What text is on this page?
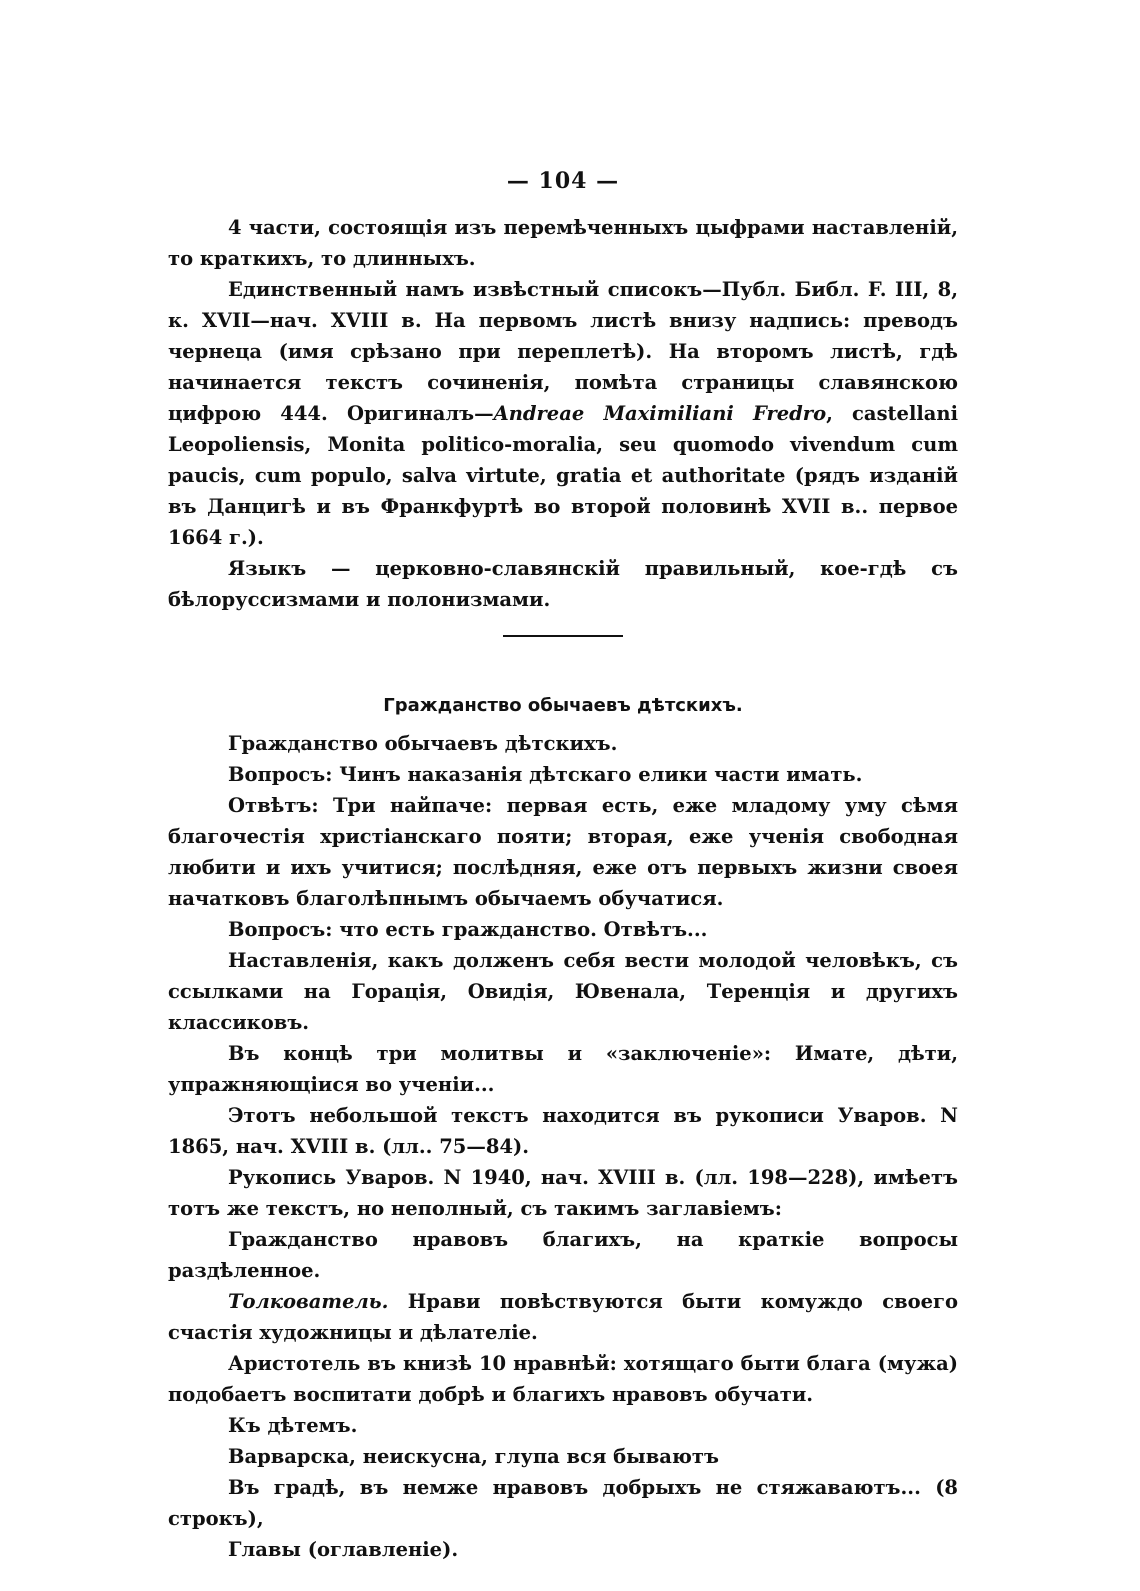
— 104 —

4 части, состоящія изъ перемѣченныхъ цыфрами наставленій, то краткихъ, то длинныхъ.

Единственный намъ извѣстный списокъ—Публ. Библ. F. III, 8, к. XVII—нач. XVIII в. На первомъ листѣ внизу надпись: преводъ чернеца (имя срѣзано при переплетѣ). На второмъ листѣ, гдѣ начинается текстъ сочиненія, помѣта страницы славянскою цифрою 444. Оригиналъ—Andreae Maximiliani Fredro, castellani Leopoliensis, Monita politico-moralia, seu quomodo vivendum cum paucis, cum populo, salva virtute, gratia et authoritate (рядъ изданій въ Данцигѣ и въ Франкфуртѣ во второй половинѣ XVII в.. первое 1664 г.).

Языкъ — церковно-славянскій правильный, кое-гдѣ съ бѣлорусcизмами и полонизмами.

Гражданство обычаевъ дѣтскихъ.

Гражданство обычаевъ дѣтскихъ.

Вопросъ: Чинъ наказанія дѣтскаго елики части имать.

Отвѣтъ: Три найпаче: первая есть, еже младому уму сѣмя благочестія христіанскаго пояти; вторая, еже ученія свободная любити и ихъ учитися; послѣдняя, еже отъ первыхъ жизни своея начатковъ благолѣпнымъ обычаемъ обучатися.

Вопросъ: что есть гражданство. Отвѣтъ...

Наставленія, какъ долженъ себя вести молодой человѣкъ, съ ссылками на Горація, Овидія, Ювенала, Теренція и другихъ классиковъ.

Въ концѣ три молитвы и «заключеніе»: Имате, дѣти, упражняющіися во ученіи...

Этотъ небольшой текстъ находится въ рукописи Уваров. N 1865, нач. XVIII в. (лл.. 75—84).

Рукопись Уваров. N 1940, нач. XVIII в. (лл. 198—228), имѣетъ тотъ же текстъ, но неполный, съ такимъ заглавіемъ:

Гражданство нравовъ благихъ, на краткіе вопросы раздѣленное.

Толкователь. Нрави повѣствуются быти комуждо своего счастія художницы и дѣлателіе.

Аристотель въ книзѣ 10 нравнѣй: хотящаго быти блага (мужа) подобаетъ воспитати добрѣ и благихъ нравовъ обучати.

Къ дѣтемъ.

Варварска, неискусна, глупа вся бываютъ

Въ градѣ, въ немже нравовъ добрыхъ не стяжаваютъ... (8 строкъ),

Главы (оглавленіе).
